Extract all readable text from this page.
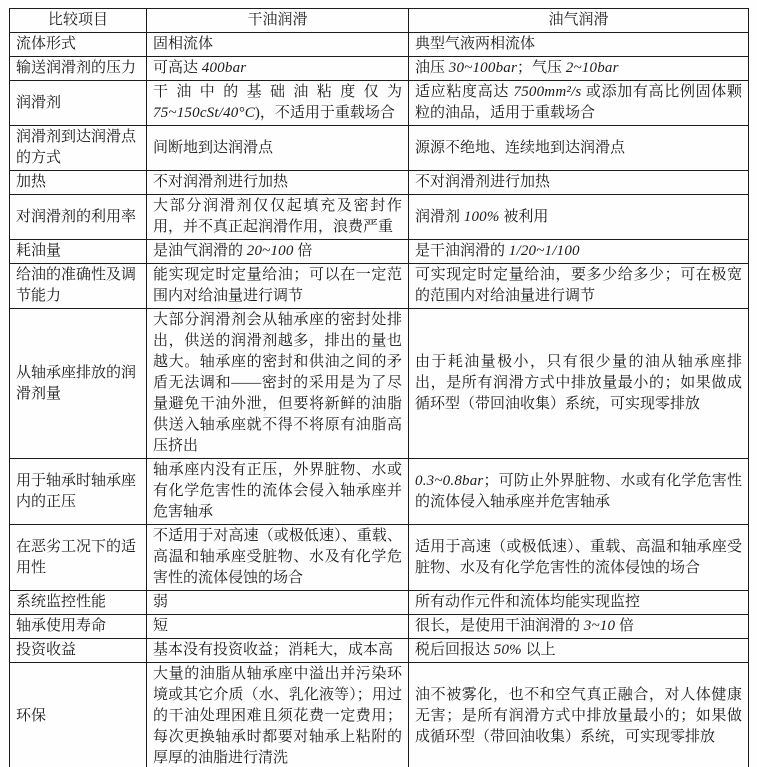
比较项目	干油润滑	油气润滑
流体形式	固相流体	典型气液两相流体
输送润滑剂的压力	可高达 400bar	油压 30~100bar；气压 2~10bar
润滑剂	干油中的基础油粘度仅为 75~150cSt/40°C)，不适用于重载场合	适应粘度高达 7500mm²/s 或添加有高比例固体颗粒的油品，适用于重载场合
润滑剂到达润滑点的方式	间断地到达润滑点	源源不绝地、连续地到达润滑点
加热	不对润滑剂进行加热	不对润滑剂进行加热
对润滑剂的利用率	大部分润滑剂仅仅起填充及密封作用，并不真正起润滑作用，浪费严重	润滑剂 100% 被利用
耗油量	是油气润滑的 20~100 倍	是干油润滑的 1/20~1/100
给油的准确性及调节能力	能实现定时定量给油；可以在一定范围内对给油量进行调节	可实现定时定量给油，要多少给多少；可在极宽的范围内对给油量进行调节
从轴承座排放的润滑剂量	大部分润滑剂会从轴承座的密封处排出，供送的润滑剂越多，排出的量也越大。轴承座的密封和供油之间的矛盾无法调和——密封的采用是为了尽量避免干油外泄，但要将新鲜的油脂供送入轴承座就不得不将原有油脂高压挤出	由于耗油量极小，只有很少量的油从轴承座排出，是所有润滑方式中排放量最小的；如果做成循环型（带回油收集）系统，可实现零排放
用于轴承时轴承座内的正压	轴承座内没有正压，外界脏物、水或有化学危害性的流体会侵入轴承座并危害轴承	0.3~0.8bar；可防止外界脏物、水或有化学危害性的流体侵入轴承座并危害轴承
在恶劣工况下的适用性	不适用于对高速（或极低速）、重载、高温和轴承座受脏物、水及有化学危害性的流体侵蚀的场合	适用于高速（或极低速）、重载、高温和轴承座受脏物、水及有化学危害性的流体侵蚀的场合
系统监控性能	弱	所有动作元件和流体均能实现监控
轴承使用寿命	短	很长，是使用干油润滑的 3~10 倍
投资收益	基本没有投资收益；消耗大，成本高	税后回报达 50% 以上
环保	大量的油脂从轴承座中溢出并污染环境或其它介质（水、乳化液等）；用过的干油处理困难且须花费一定费用；每次更换轴承时都要对轴承上粘附的厚厚的油脂进行清洗	油不被雾化，也不和空气真正融合，对人体健康无害；是所有润滑方式中排放量最小的；如果做成循环型（带回油收集）系统，可实现零排放
